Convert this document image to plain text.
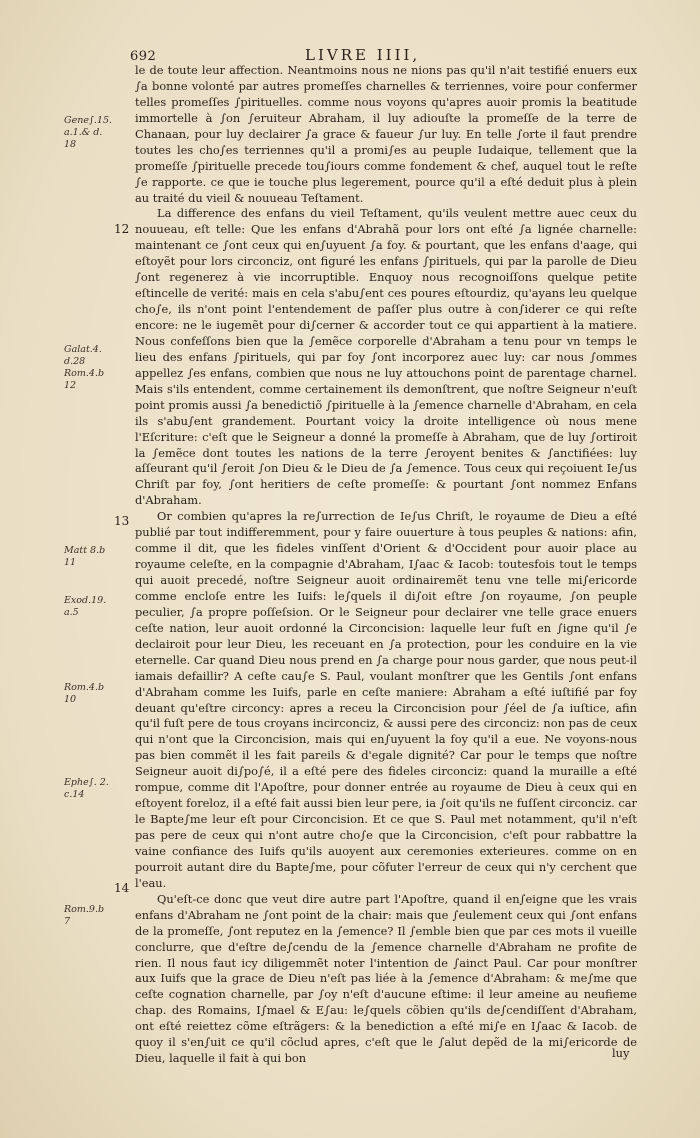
692	LIVRE IIII,
Gene∫.15.
a.1.& d.
18
Galat.4.
d.28
Rom.4.b
12
Matt 8.b
11
Exod.19.
a.5
Rom.4.b
10
Ephe∫. 2.
c.14
Rom.9.b
7
12
13
14

le de toute leur affection. Neantmoins nous ne nions pas qu'il n'ait testifié enuers eux ∫a bonne volonté par autres promeſſes charnelles & terriennes, voire pour confermer telles promeſſes ∫pirituelles. comme nous voyons qu'apres auoir promis la beatitude immortelle à ∫on ∫eruiteur Abraham, il luy adiouſte la promeſſe de la terre de Chanaan, pour luy declairer ∫a grace & faueur ∫ur luy. En telle ∫orte il faut prendre toutes les cho∫es terriennes qu'il a promi∫es au peuple Iudaique, tellement que la promeſſe ∫pirituelle precede tou∫iours comme fondement & chef, auquel tout le reſte ∫e rapporte. ce que ie touche plus legerement, pource qu'il a eſté deduit plus à plein au traité du vieil & nouueau Teſtament.

La difference des enfans du vieil Teſtament, qu'ils veulent mettre auec ceux du nouueau, eſt telle: Que les enfans d'Abrahã pour lors ont eſté ∫a lignée charnelle: maintenant ce ∫ont ceux qui en∫uyuent ∫a foy. & pourtant, que les enfans d'aage, qui eſtoyẽt pour lors circonciz, ont figuré les enfans ∫pirituels, qui par la parolle de Dieu ∫ont regenerez à vie incorruptible. Enquoy nous recognoiſſons quelque petite eſtincelle de verité: mais en cela s'abu∫ent ces poures eſtourdiz, qu'ayans leu quelque cho∫e, ils n'ont point l'entendement de paſſer plus outre à con∫iderer ce qui reſte encore: ne le iugemẽt pour di∫cerner & accorder tout ce qui appartient à la matiere. Nous confeſſons bien que la ∫emẽce corporelle d'Abraham a tenu pour vn temps le lieu des enfans ∫pirituels, qui par foy ∫ont incorporez auec luy: car nous ∫ommes appellez ∫es enfans, combien que nous ne luy attouchons point de parentage charnel. Mais s'ils entendent, comme certainement ils demonſtrent, que noſtre Seigneur n'euſt point promis aussi ∫a benedictiõ ∫pirituelle à la ∫emence charnelle d'Abraham, en cela ils s'abu∫ent grandement. Pourtant voicy la droite intelligence où nous mene l'Eſcriture: c'eſt que le Seigneur a donné la promeſſe à Abraham, que de luy ∫ortiroit la ∫emẽce dont toutes les nations de la terre ∫eroyent benites & ∫anctifiées: luy aſſeurant qu'il ∫eroit ∫on Dieu & le Dieu de ∫a ∫emence. Tous ceux qui reçoiuent Ie∫us Chriſt par foy, ∫ont heritiers de ceſte promeſſe: & pourtant ∫ont nommez Enfans d'Abraham.

Or combien qu'apres la re∫urrection de Ie∫us Chriſt, le royaume de Dieu a eſté publié par tout indifferemment, pour y faire ouuerture à tous peuples & nations: afin, comme il dit, que les fideles vinſſent d'Orient & d'Occident pour auoir place au royaume celeſte, en la compagnie d'Abraham, I∫aac & Iacob: toutesfois tout le temps qui auoit precedé, noſtre Seigneur auoit ordinairemẽt tenu vne telle mi∫ericorde comme encloſe entre les Iuifs: le∫quels il di∫oit eſtre ∫on royaume, ∫on peuple peculier, ∫a propre poſſeſsion. Or le Seigneur pour declairer vne telle grace enuers ceſte nation, leur auoit ordonné la Circoncision: laquelle leur fuſt en ∫igne qu'il ∫e declairoit pour leur Dieu, les receuant en ∫a protection, pour les conduire en la vie eternelle. Car quand Dieu nous prend en ∫a charge pour nous garder, que nous peut-il iamais defaillir? A ceſte cau∫e S. Paul, voulant monſtrer que les Gentils ∫ont enfans d'Abraham comme les Iuifs, parle en ceſte maniere: Abraham a eſté iuſtifié par foy deuant qu'eſtre circoncy: apres a receu la Circoncision pour ∫éel de ∫a iuſtice, afin qu'il fuſt pere de tous croyans incirconciz, & aussi pere des circonciz: non pas de ceux qui n'ont que la Circoncision, mais qui en∫uyuent la foy qu'il a eue. Ne voyons-nous pas bien commẽt il les fait pareils & d'egale dignité? Car pour le temps que noſtre Seigneur auoit di∫po∫é, il a eſté pere des fideles circonciz: quand la muraille a eſté rompue, comme dit l'Apoſtre, pour donner entrée au royaume de Dieu à ceux qui en eſtoyent foreloz, il a eſté fait aussi bien leur pere, ia ∫oit qu'ils ne fuſſent circonciz. car le Bapte∫me leur eſt pour Circoncision. Et ce que S. Paul met notamment, qu'il n'eſt pas pere de ceux qui n'ont autre cho∫e que la Circoncision, c'eſt pour rabbattre la vaine confiance des Iuifs qu'ils auoyent aux ceremonies exterieures. comme on en pourroit autant dire du Bapte∫me, pour cõfuter l'erreur de ceux qui n'y cerchent que l'eau.

Qu'eſt-ce donc que veut dire autre part l'Apoſtre, quand il en∫eigne que les vrais enfans d'Abraham ne ∫ont point de la chair: mais que ∫eulement ceux qui ∫ont enfans de la promeſſe, ∫ont reputez en la ∫emence? Il ∫emble bien que par ces mots il vueille conclurre, que d'eſtre de∫cendu de la ∫emence charnelle d'Abraham ne profite de rien. Il nous faut icy diligemmẽt noter l'intention de ∫ainct Paul. Car pour monſtrer aux Iuifs que la grace de Dieu n'eſt pas liée à la ∫emence d'Abraham: & me∫me que ceſte cognation charnelle, par ∫oy n'eſt d'aucune eſtime: il leur ameine au neufieme chap. des Romains, I∫mael & E∫au: le∫quels cõbien qu'ils de∫cendiſſent d'Abraham, ont eſté reiettez cõme eſtrãgers: & la benediction a eſté mi∫e en I∫aac & Iacob. de quoy il s'en∫uit ce qu'il cõclud apres, c'eſt que le ∫alut depẽd de la mi∫ericorde de Dieu, laquelle il fait à qui bon	luy
